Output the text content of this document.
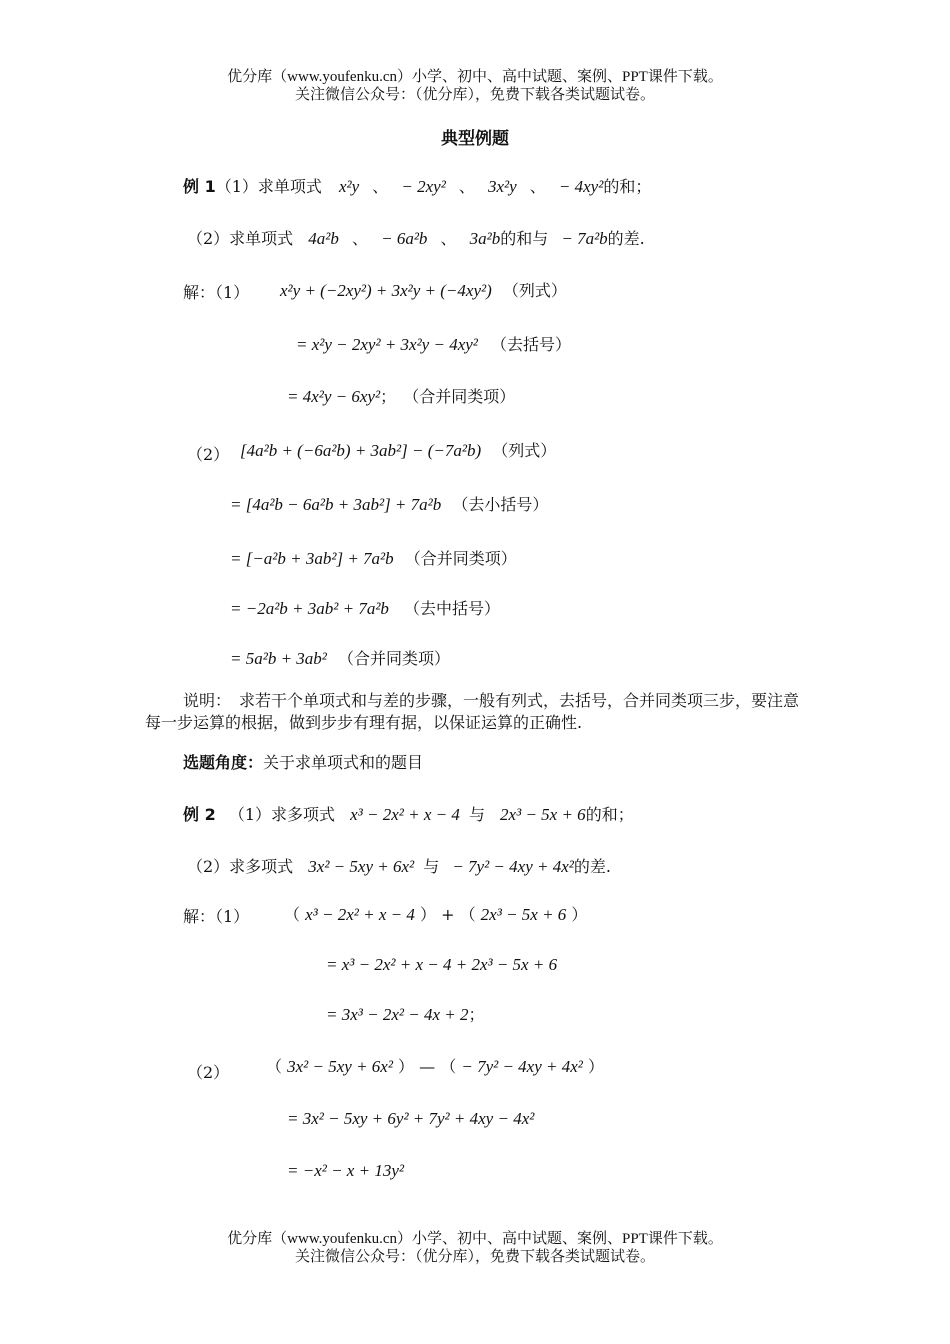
优分库（www.youfenku.cn）小学、初中、高中试题、案例、PPT课件下载。
关注微信公众号：（优分库），免费下载各类试题试卷。
典型例题
例 1（1）求单项式 x²y 、 − 2xy² 、 3x²y 、 − 4xy²的和；
（2）求单项式 4a²b 、 − 6a²b 、 3a²b的和与 − 7a²b的差.
解：（1） x²y + (−2xy²) + 3x²y + (−4xy²) （列式）
= x²y − 2xy² + 3x²y − 4xy² （去括号）
= 4x²y − 6xy²； （合并同类项）
（2） [4a²b + (−6a²b) + 3ab²] − (−7a²b) （列式）
= [4a²b − 6a²b + 3ab²] + 7a²b （去小括号）
= [−a²b + 3ab²] + 7a²b （合并同类项）
= −2a²b + 3ab² + 7a²b （去中括号）
= 5a²b + 3ab² （合并同类项）
说明：　求若干个单项式和与差的步骤，一般有列式，去括号，合并同类项三步，要注意每一步运算的根据，做到步步有理有据，以保证运算的正确性.
选题角度：关于求单项式和的题目
例 2 （1）求多项式 x³ − 2x² + x − 4 与 2x³ − 5x + 6的和；
（2）求多项式 3x² − 5xy + 6x² 与 − 7y² − 4xy + 4x²的差.
解：（1） （ x³ − 2x² + x − 4 ） + （ 2x³ − 5x + 6 ）
= x³ − 2x² + x − 4 + 2x³ − 5x + 6
= 3x³ − 2x² − 4x + 2；
（2） （ 3x² − 5xy + 6x² ） — （ − 7y² − 4xy + 4x² ）
= 3x² − 5xy + 6y² + 7y² + 4xy − 4x²
= −x² − x + 13y²
优分库（www.youfenku.cn）小学、初中、高中试题、案例、PPT课件下载。
关注微信公众号：（优分库），免费下载各类试题试卷。
